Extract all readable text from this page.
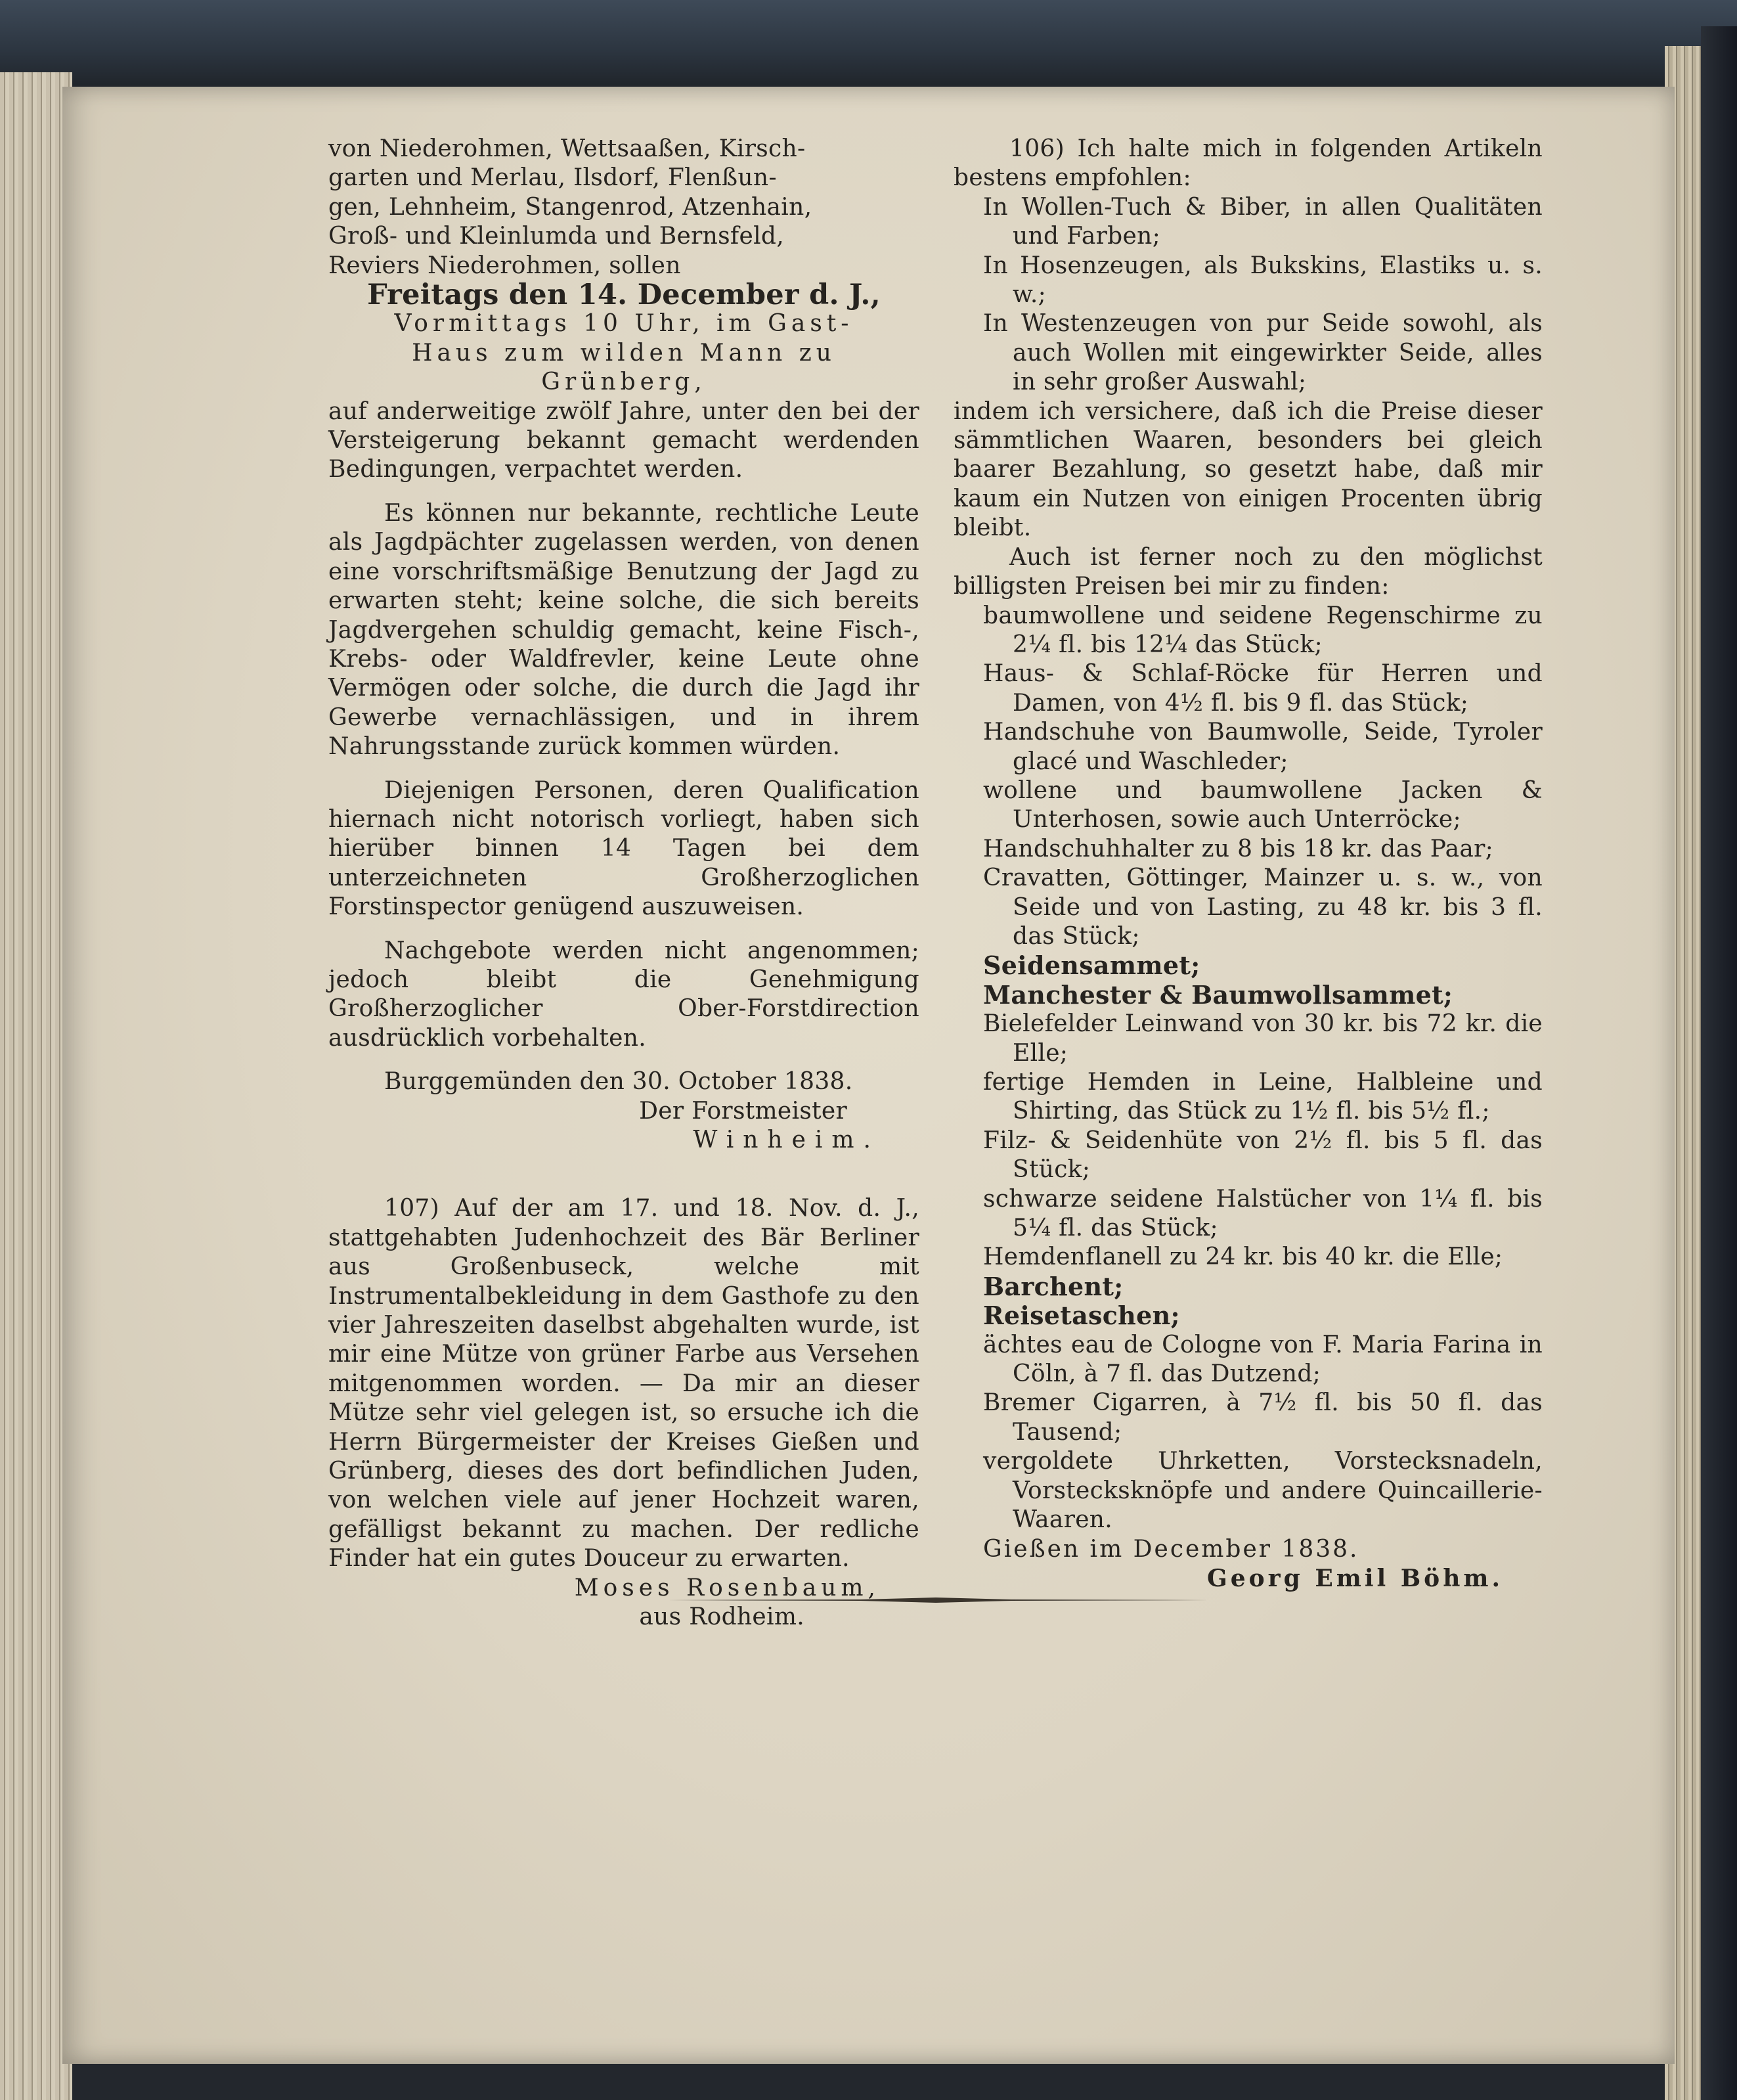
von Niederohmen, Wettsaaßen, Kirsch-

garten und Merlau, Ilsdorf, Flenßun-

gen, Lehnheim, Stangenrod, Atzenhain,

Groß- und Kleinlumda und Bernsfeld,

Reviers Niederohmen, sollen

Freitags den 14. December d. J.,

Vormittags 10 Uhr, im Gast-

Haus zum wilden Mann zu

Grünberg,

auf anderweitige zwölf Jahre, unter den bei der Versteigerung bekannt gemacht werdenden Bedingungen, verpachtet werden.

Es können nur bekannte, rechtliche Leute als Jagdpächter zugelassen werden, von denen eine vorschriftsmäßige Benutzung der Jagd zu erwarten steht; keine solche, die sich bereits Jagdvergehen schuldig gemacht, keine Fisch-, Krebs- oder Waldfrevler, keine Leute ohne Vermögen oder solche, die durch die Jagd ihr Gewerbe vernachlässigen, und in ihrem Nahrungsstande zurück kommen würden.

Diejenigen Personen, deren Qualification hiernach nicht notorisch vorliegt, haben sich hierüber binnen 14 Tagen bei dem unterzeichneten Großherzoglichen Forstinspector genügend auszuweisen.

Nachgebote werden nicht angenommen; jedoch bleibt die Genehmigung Großherzoglicher Ober-Forstdirection ausdrücklich vorbehalten.

Burggemünden den 30. October 1838.

Der Forstmeister

Winheim.

107) Auf der am 17. und 18. Nov. d. J., stattgehabten Judenhochzeit des Bär Berliner aus Großenbuseck, welche mit Instrumentalbekleidung in dem Gasthofe zu den vier Jahreszeiten daselbst abgehalten wurde, ist mir eine Mütze von grüner Farbe aus Versehen mitgenommen worden. — Da mir an dieser Mütze sehr viel gelegen ist, so ersuche ich die Herrn Bürgermeister der Kreises Gießen und Grünberg, dieses des dort befindlichen Juden, von welchen viele auf jener Hochzeit waren, gefälligst bekannt zu machen. Der redliche Finder hat ein gutes Douceur zu erwarten.

Moses Rosenbaum,

aus Rodheim.

106) Ich halte mich in folgenden Artikeln bestens empfohlen:

In Wollen-Tuch & Biber, in allen Qualitäten und Farben;

In Hosenzeugen, als Bukskins, Elastiks u. s. w.;

In Westenzeugen von pur Seide sowohl, als auch Wollen mit eingewirkter Seide, alles in sehr großer Auswahl;

indem ich versichere, daß ich die Preise dieser sämmtlichen Waaren, besonders bei gleich baarer Bezahlung, so gesetzt habe, daß mir kaum ein Nutzen von einigen Procenten übrig bleibt.

Auch ist ferner noch zu den möglichst billigsten Preisen bei mir zu finden:

baumwollene und seidene Regenschirme zu 2¼ fl. bis 12¼ das Stück;

Haus- & Schlaf-Röcke für Herren und Damen, von 4½ fl. bis 9 fl. das Stück;

Handschuhe von Baumwolle, Seide, Tyroler glacé und Waschleder;

wollene und baumwollene Jacken & Unterhosen, sowie auch Unterröcke;

Handschuhhalter zu 8 bis 18 kr. das Paar;

Cravatten, Göttinger, Mainzer u. s. w., von Seide und von Lasting, zu 48 kr. bis 3 fl. das Stück;

Seidensammet;

Manchester & Baumwollsammet;

Bielefelder Leinwand von 30 kr. bis 72 kr. die Elle;

fertige Hemden in Leine, Halbleine und Shirting, das Stück zu 1½ fl. bis 5½ fl.;

Filz- & Seidenhüte von 2½ fl. bis 5 fl. das Stück;

schwarze seidene Halstücher von 1¼ fl. bis 5¼ fl. das Stück;

Hemdenflanell zu 24 kr. bis 40 kr. die Elle;

Barchent;

Reisetaschen;

ächtes eau de Cologne von F. Maria Farina in Cöln, à 7 fl. das Dutzend;

Bremer Cigarren, à 7½ fl. bis 50 fl. das Tausend;

vergoldete Uhrketten, Vorstecksnadeln, Vorstecksknöpfe und andere Quincaillerie-Waaren.

Gießen im December 1838.

Georg Emil Böhm.
